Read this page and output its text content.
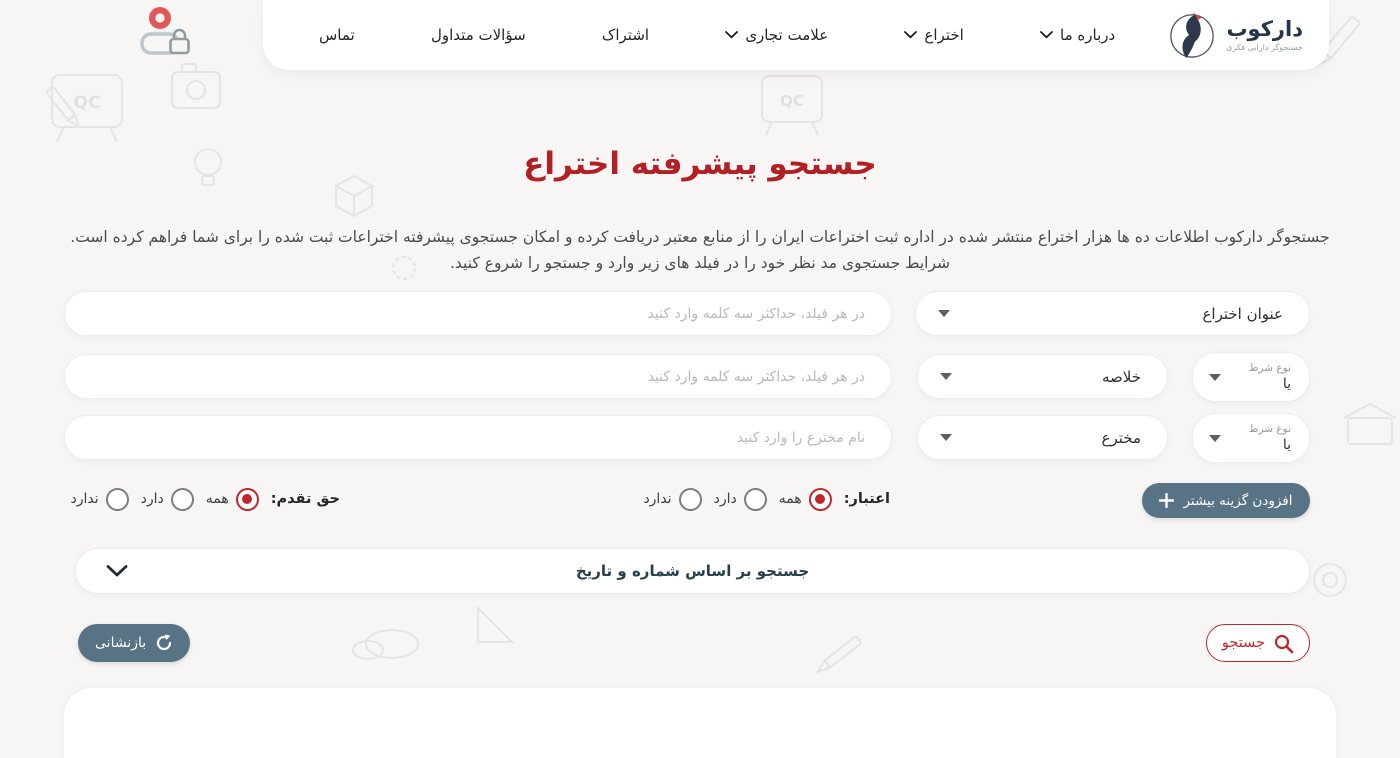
QC	QC
دارکوب
جستجوگر دارایی فکری
درباره ما
اختراع
علامت تجاری
اشتراک
سؤالات متداول
تماس
جستجو پیشرفته اختراع

جستجوگر دارکوب اطلاعات ده ها هزار اختراع منتشر شده در اداره ثبت اختراعات ایران را از منابع معتبر دریافت کرده و امکان جستجوی پیشرفته اختراعات ثبت شده را برای شما فراهم کرده است. شرایط جستجوی مد نظر خود را در فیلد های زیر وارد و جستجو را شروع کنید.

عنوان اختراع
در هر فیلد، حداکثر سه کلمه وارد کنید
نوع شرط
یا
خلاصه
در هر فیلد، حداکثر سه کلمه وارد کنید
نوع شرط
یا
مخترع
نام مخترع را وارد کنید
افزودن گزینه بیشتر
اعتبار:
همه
دارد
ندارد
حق تقدم:
همه
دارد
ندارد
جستجو بر اساس شماره و تاریخ
بازنشانی	جستجو
